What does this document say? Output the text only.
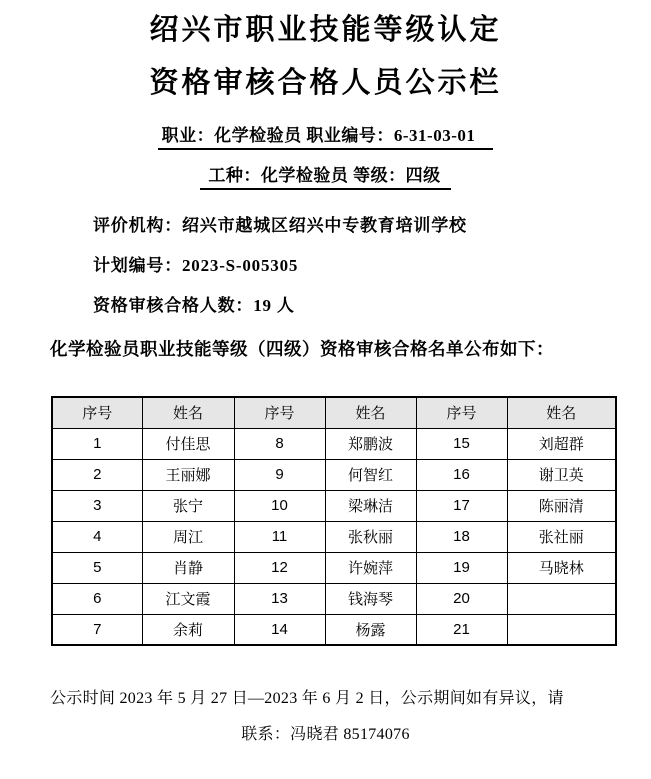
绍兴市职业技能等级认定
资格审核合格人员公示栏
职业：化学检验员 职业编号：6-31-03-01
工种：化学检验员 等级：四级
评价机构：绍兴市越城区绍兴中专教育培训学校
计划编号：2023-S-005305
资格审核合格人数：19 人
化学检验员职业技能等级（四级）资格审核合格名单公布如下：
序号	姓名	序号	姓名	序号	姓名
1	付佳思	8	郑鹏波	15	刘超群
2	王丽娜	9	何智红	16	谢卫英
3	张宁	10	梁琳洁	17	陈丽清
4	周江	11	张秋丽	18	张社丽
5	肖静	12	许婉萍	19	马晓林
6	江文霞	13	钱海琴	20	
7	余莉	14	杨露	21	
公示时间 2023 年 5 月 27 日—2023 年 6 月 2 日，公示期间如有异议，请
联系：冯晓君 85174076
